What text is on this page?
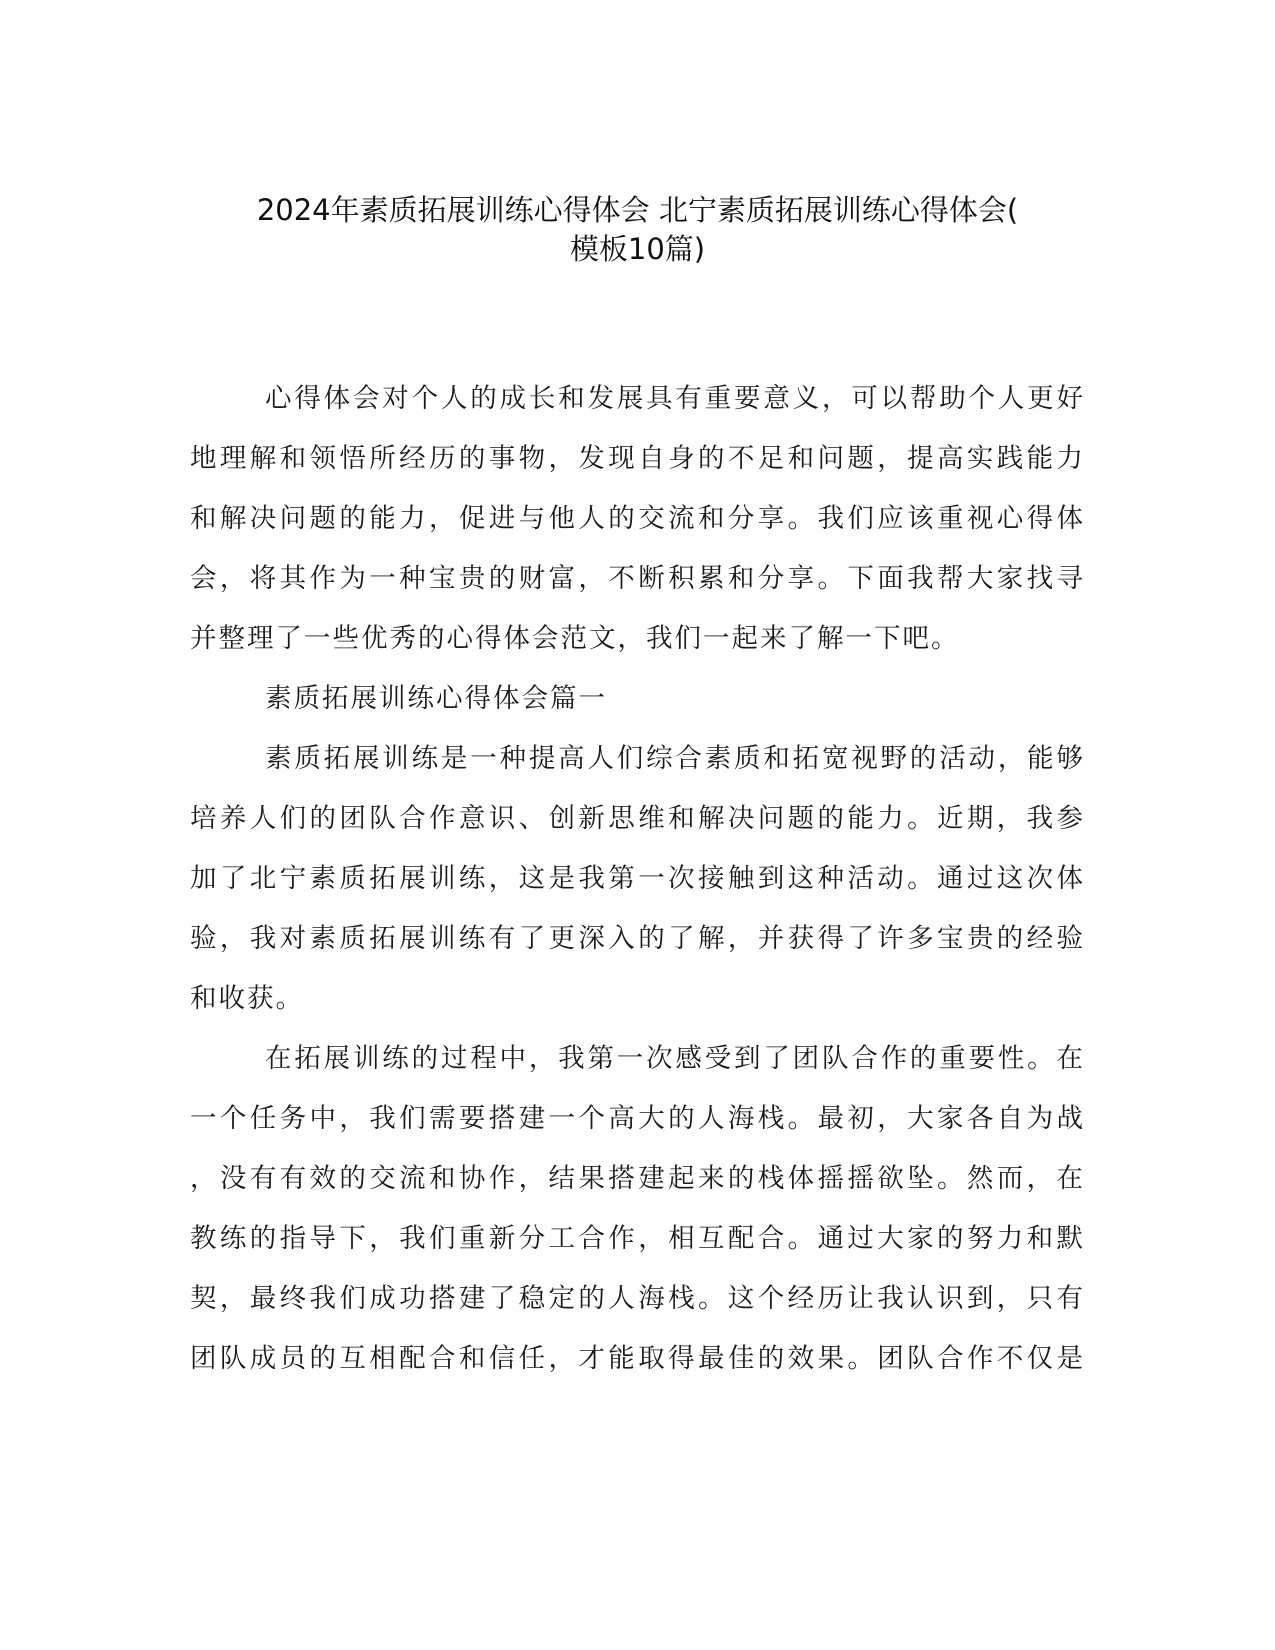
2024年素质拓展训练心得体会 北宁素质拓展训练心得体会(
模板10篇)
心得体会对个人的成长和发展具有重要意义，可以帮助个人更好
地理解和领悟所经历的事物，发现自身的不足和问题，提高实践能力
和解决问题的能力，促进与他人的交流和分享。我们应该重视心得体
会，将其作为一种宝贵的财富，不断积累和分享。下面我帮大家找寻
并整理了一些优秀的心得体会范文，我们一起来了解一下吧。
素质拓展训练心得体会篇一
素质拓展训练是一种提高人们综合素质和拓宽视野的活动，能够
培养人们的团队合作意识、创新思维和解决问题的能力。近期，我参
加了北宁素质拓展训练，这是我第一次接触到这种活动。通过这次体
验，我对素质拓展训练有了更深入的了解，并获得了许多宝贵的经验
和收获。
在拓展训练的过程中，我第一次感受到了团队合作的重要性。在
一个任务中，我们需要搭建一个高大的人海栈。最初，大家各自为战
，没有有效的交流和协作，结果搭建起来的栈体摇摇欲坠。然而，在
教练的指导下，我们重新分工合作，相互配合。通过大家的努力和默
契，最终我们成功搭建了稳定的人海栈。这个经历让我认识到，只有
团队成员的互相配合和信任，才能取得最佳的效果。团队合作不仅是
